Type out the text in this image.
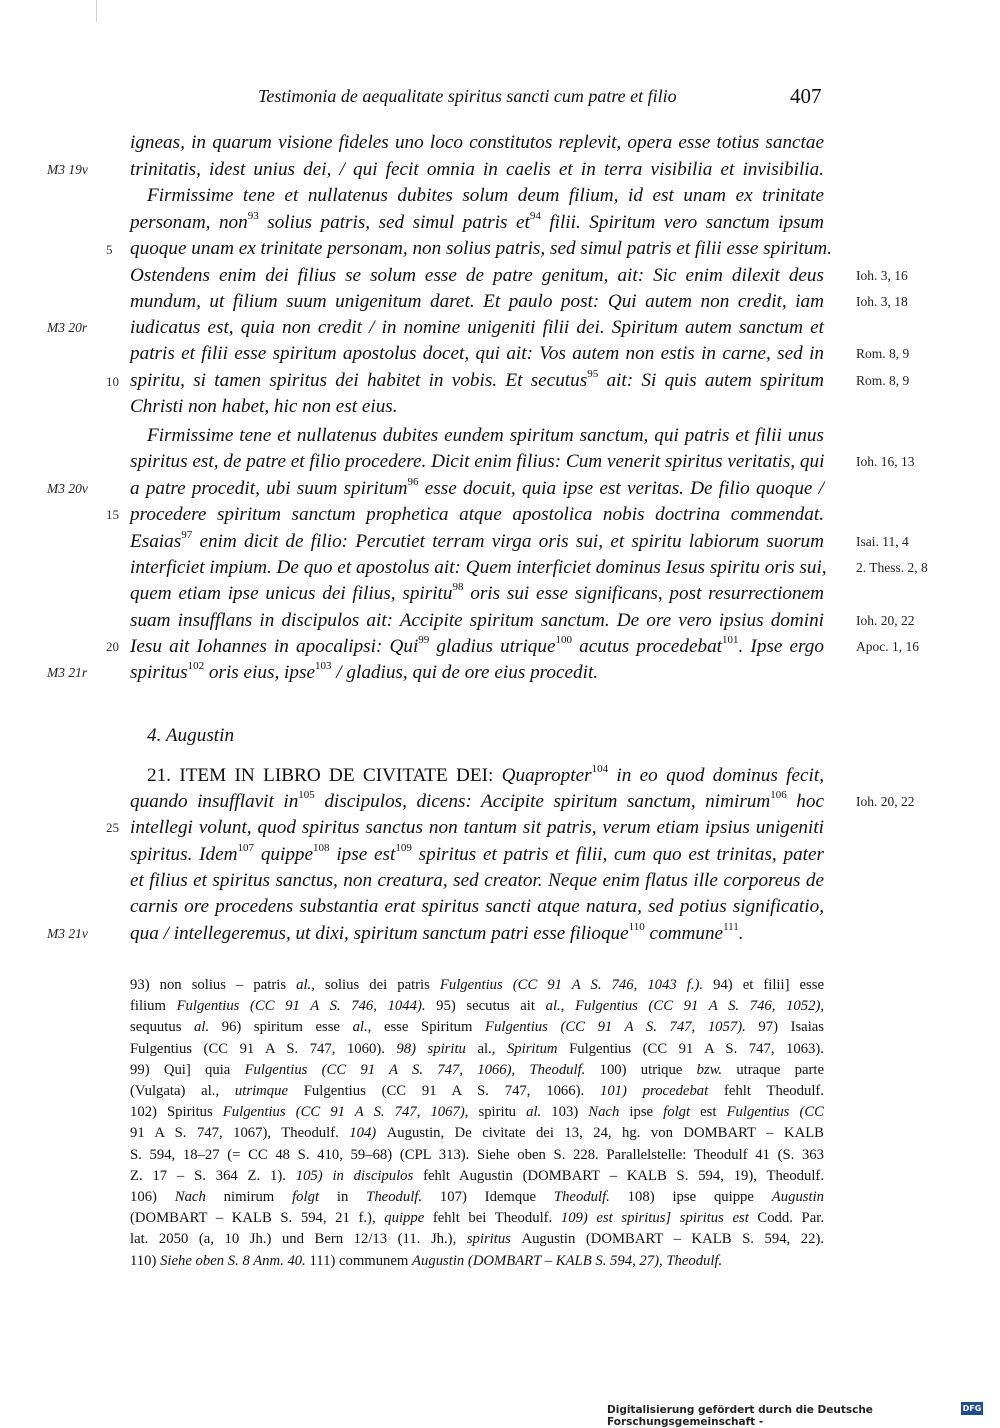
Testimonia de aequalitate spiritus sancti cum patre et filio	407
igneas, in quarum visione fideles uno loco constitutos replevit, opera esse totius sanctae
trinitatis, idest unius dei, / qui fecit omnia in caelis et in terra visibilia et invisibilia.
Firmissime tene et nullatenus dubites solum deum filium, id est unam ex trinitate
personam, non$^{93}$ solius patris, sed simul patris $et^{94}$ filii. Spiritum vero sanctum ipsum
quoque unam ex trinitate personam, non solius patris, sed simul patris et filii esse spiritum.
Ostendens enim dei filius se solum esse de patre genitum, ait: Sic enim dilexit deus
mundum, ut filium suum unigenitum daret. Et paulo post: Qui autem non credit, iam
iudicatus est, quia non credit / in nomine unigeniti filii dei. Spiritum autem sanctum et
patris et filii esse spiritum apostolus docet, qui ait: Vos autem non estis in carne, sed in
spiritu, si tamen spiritus dei habitet in vobis. Et secutus$^{95}$ ait: Si quis autem spiritum
Christi non habet, hic non est eius.
Firmissime tene et nullatenus dubites eundem spiritum sanctum, qui patris et filii unus
spiritus est, de patre et filio procedere. Dicit enim filius: Cum venerit spiritus veritatis, qui
a patre procedit, ubi suum spiritum$^{96}$ esse docuit, quia ipse est veritas. De filio quoque /
procedere spiritum sanctum prophetica atque apostolica nobis doctrina commendat.
Esaias$^{97}$ enim dicit de filio: Percutiet terram virga oris sui, et spiritu labiorum suorum
interficiet impium. De quo et apostolus ait: Quem interficiet dominus Iesus spiritu oris sui,
quem etiam ipse unicus dei filius, spiritu$^{98}$ oris sui esse significans, post resurrectionem
suam insufflans in discipulos ait: Accipite spiritum sanctum. De ore vero ipsius domini
Iesu ait Iohannes in apocalipsi: Qui$^{99}$ gladius utrique$^{100}$ acutus procedebat$^{101}$. Ipse ergo
spiritus$^{102}$ oris eius, ipse$^{103}$ / gladius, qui de ore eius procedit.
21. ITEM IN LIBRO DE CIVITATE DEI: Quapropter$^{104}$ in eo quod dominus fecit,
quando insufflavit $in^{105}$ discipulos, dicens: Accipite spiritum sanctum, nimirum$^{106}$ hoc
intellegi volunt, quod spiritus sanctus non tantum sit patris, verum etiam ipsius unigeniti
spiritus. Idem$^{107}$ quippe$^{108}$ ipse est$^{109}$ spiritus et patris et filii, cum quo est trinitas, pater
et filius et spiritus sanctus, non creatura, sed creator. Neque enim flatus ille corporeus de
carnis ore procedens substantia erat spiritus sancti atque natura, sed potius significatio,
qua / intellegeremus, ut dixi, spiritum sanctum patri esse filioque$^{110}$ commune$^{111}$.
5
10
15
20
25
M3 19v
M3 20r
M3 20v
M3 21r
M3 21v
Ioh. 3, 16
Ioh. 3, 18
Rom. 8, 9
Rom. 8, 9
Ioh. 16, 13
Isai. 11, 4
2. Thess. 2, 8
Ioh. 20, 22
Apoc. 1, 16
Ioh. 20, 22
4. Augustin
93) non solius – patris al., solius dei patris Fulgentius (CC 91 A S. 746, 1043 f.). 94) et filii] esse
filium Fulgentius (CC 91 A S. 746, 1044). 95) secutus ait al., Fulgentius (CC 91 A S. 746, 1052),
sequutus al. 96) spiritum esse al., esse Spiritum Fulgentius (CC 91 A S. 747, 1057). 97) Isaias
Fulgentius (CC 91 A S. 747, 1060). 98) spiritu al., Spiritum Fulgentius (CC 91 A S. 747, 1063).
99) Qui] quia Fulgentius (CC 91 A S. 747, 1066), Theodulf. 100) utrique bzw. utraque parte
(Vulgata) al., utrimque Fulgentius (CC 91 A S. 747, 1066). 101) procedebat fehlt Theodulf.
102) Spiritus Fulgentius (CC 91 A S. 747, 1067), spiritu al. 103) Nach ipse folgt est Fulgentius (CC
91 A S. 747, 1067), Theodulf. 104) Augustin, De civitate dei 13, 24, hg. von DOMBART – KALB
S. 594, 18–27 (= CC 48 S. 410, 59–68) (CPL 313). Siehe oben S. 228. Parallelstelle: Theodulf 41 (S. 363
Z. 17 – S. 364 Z. 1). 105) in discipulos fehlt Augustin (DOMBART – KALB S. 594, 19), Theodulf.
106) Nach nimirum folgt in Theodulf. 107) Idemque Theodulf. 108) ipse quippe Augustin
(DOMBART – KALB S. 594, 21 f.), quippe fehlt bei Theodulf. 109) est spiritus] spiritus est Codd. Par.
lat. 2050 (a, 10 Jh.) und Bern 12/13 (11. Jh.), spiritus Augustin (DOMBART – KALB S. 594, 22).
110) Siehe oben S. 8 Anm. 40. 111) communem Augustin (DOMBART – KALB S. 594, 27), Theodulf.
Digitalisierung gefördert durch die Deutsche Forschungsgemeinschaft -
DFG
